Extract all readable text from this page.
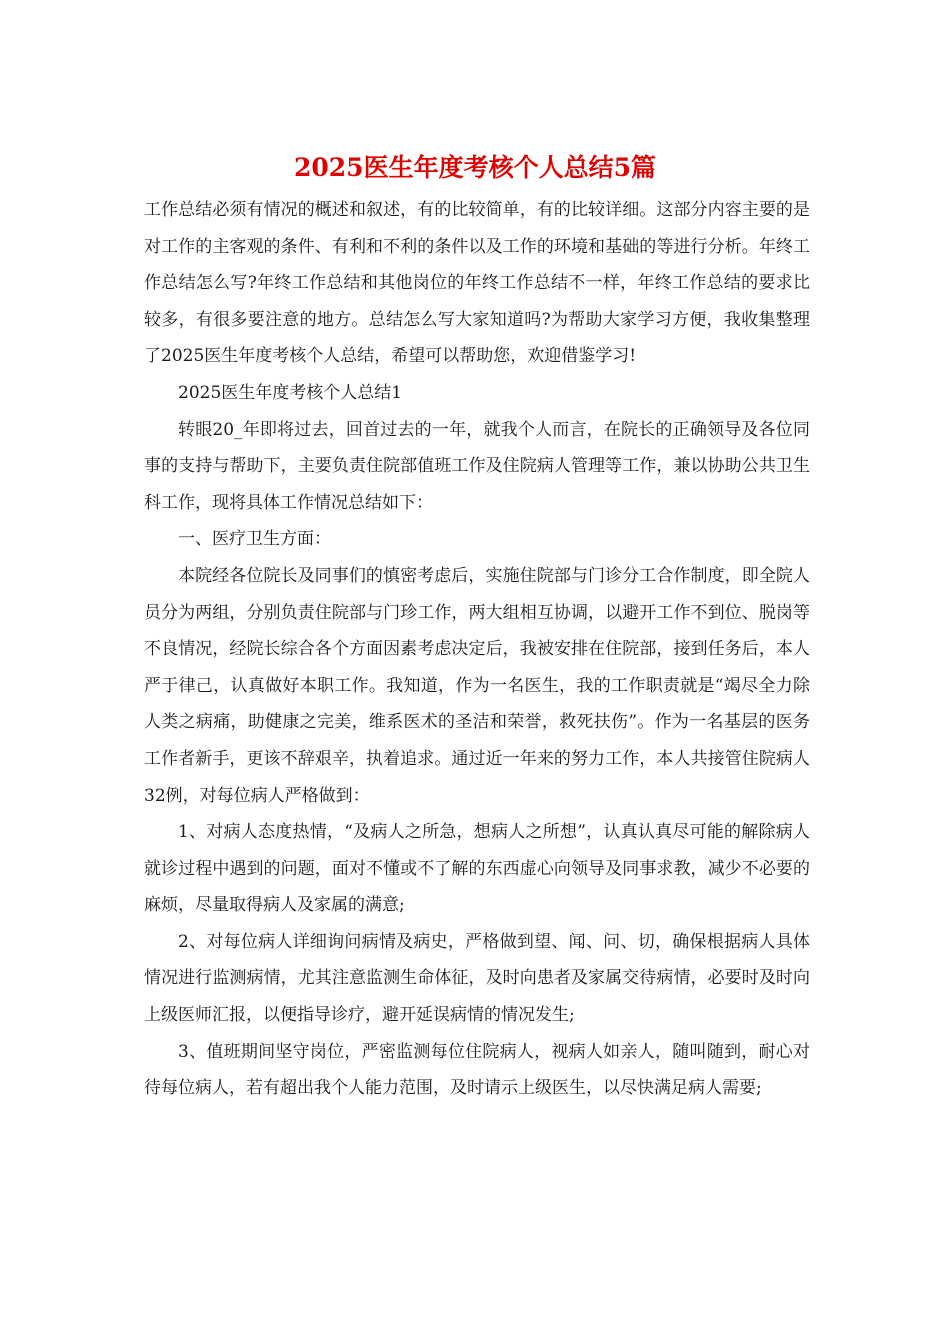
2025医生年度考核个人总结5篇

工作总结必须有情况的概述和叙述，有的比较简单，有的比较详细。这部分内容主要的是对工作的主客观的条件、有利和不利的条件以及工作的环境和基础的等进行分析。年终工作总结怎么写?年终工作总结和其他岗位的年终工作总结不一样，年终工作总结的要求比较多，有很多要注意的地方。总结怎么写大家知道吗?为帮助大家学习方便，我收集整理了2025医生年度考核个人总结，希望可以帮助您，欢迎借鉴学习!

2025医生年度考核个人总结1

转眼20_年即将过去，回首过去的一年，就我个人而言，在院长的正确领导及各位同事的支持与帮助下，主要负责住院部值班工作及住院病人管理等工作，兼以协助公共卫生科工作，现将具体工作情况总结如下：

一、医疗卫生方面：

本院经各位院长及同事们的慎密考虑后，实施住院部与门诊分工合作制度，即全院人员分为两组，分别负责住院部与门珍工作，两大组相互协调，以避开工作不到位、脱岗等不良情况，经院长综合各个方面因素考虑决定后，我被安排在住院部，接到任务后，本人严于律己，认真做好本职工作。我知道，作为一名医生，我的工作职责就是“竭尽全力除人类之病痛，助健康之完美，维系医术的圣洁和荣誉，救死扶伤”。作为一名基层的医务工作者新手，更该不辞艰辛，执着追求。通过近一年来的努力工作，本人共接管住院病人32例，对每位病人严格做到：

1、对病人态度热情，“及病人之所急，想病人之所想”，认真认真尽可能的解除病人就诊过程中遇到的问题，面对不懂或不了解的东西虚心向领导及同事求教，减少不必要的麻烦，尽量取得病人及家属的满意;

2、对每位病人详细询问病情及病史，严格做到望、闻、问、切，确保根据病人具体情况进行监测病情，尤其注意监测生命体征，及时向患者及家属交待病情，必要时及时向上级医师汇报，以便指导诊疗，避开延误病情的情况发生;

3、值班期间坚守岗位，严密监测每位住院病人，视病人如亲人，随叫随到，耐心对待每位病人，若有超出我个人能力范围，及时请示上级医生，以尽快满足病人需要;
